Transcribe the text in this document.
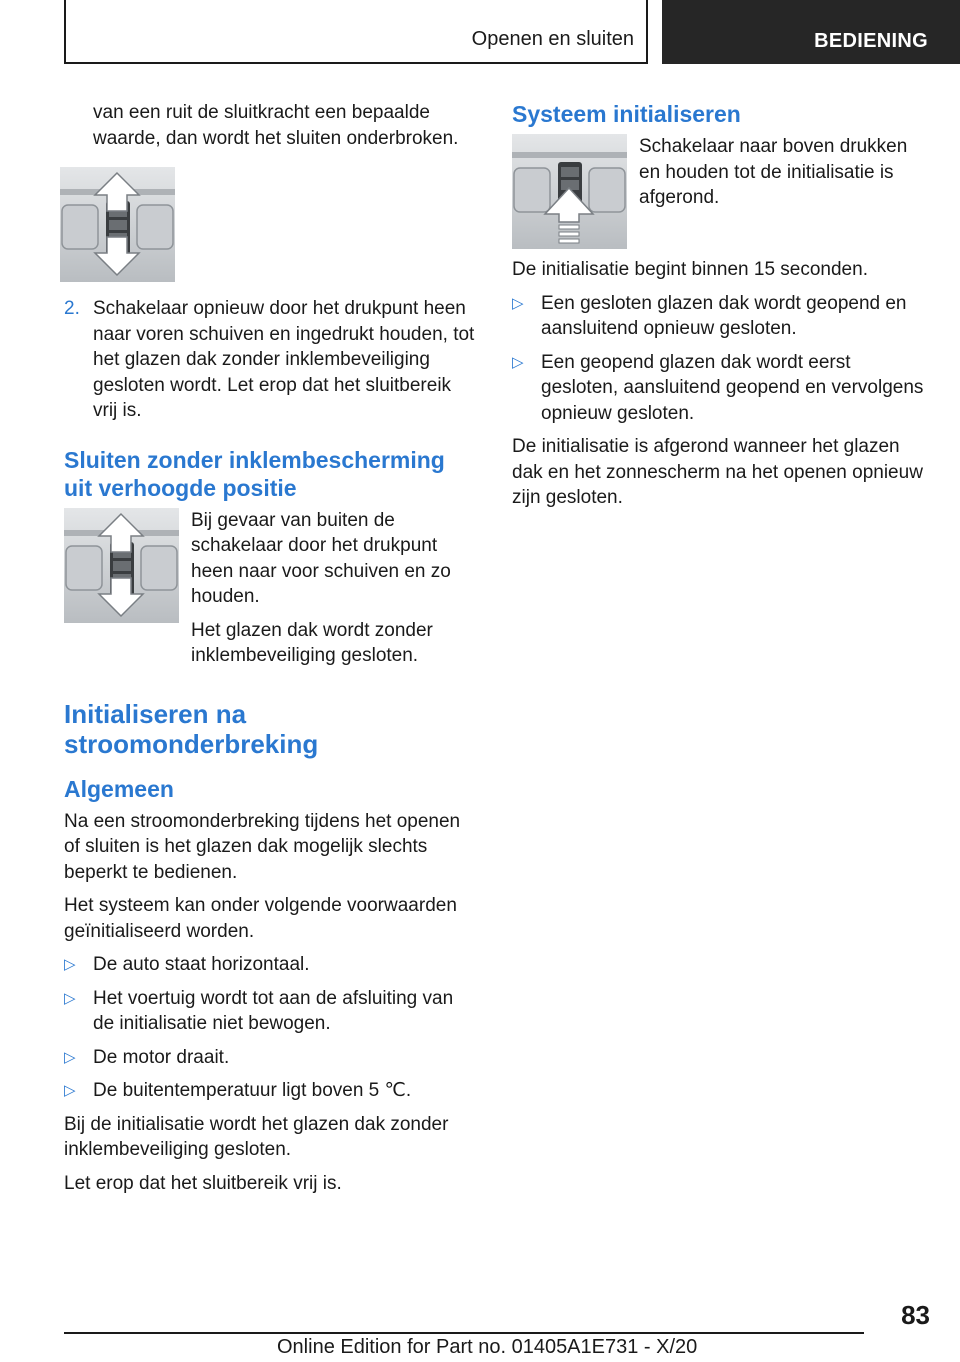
Openen en sluiten	BEDIENING

van een ruit de sluitkracht een bepaalde waarde, dan wordt het sluiten onderbroken.

2. Schakelaar opnieuw door het drukpunt heen naar voren schuiven en ingedrukt houden, tot het glazen dak zonder inklembeveiliging gesloten wordt. Let erop dat het sluitbereik vrij is.

Sluiten zonder inklembescherming uit verhoogde positie

Bij gevaar van buiten de schakelaar door het drukpunt heen naar voor schuiven en zo houden.

Het glazen dak wordt zonder inklembeveiliging gesloten.

Initialiseren na stroomonderbreking
Algemeen

Na een stroomonderbreking tijdens het openen of sluiten is het glazen dak mogelijk slechts beperkt te bedienen.

Het systeem kan onder volgende voorwaarden geïnitialiseerd worden.

▷ De auto staat horizontaal.

▷ Het voertuig wordt tot aan de afsluiting van de initialisatie niet bewogen.

▷ De motor draait.

▷ De buitentemperatuur ligt boven 5 ℃.

Bij de initialisatie wordt het glazen dak zonder inklembeveiliging gesloten.

Let erop dat het sluitbereik vrij is.

Systeem initialiseren

Schakelaar naar boven drukken en houden tot de initialisatie is afgerond.

De initialisatie begint binnen 15 seconden.

▷ Een gesloten glazen dak wordt geopend en aansluitend opnieuw gesloten.

▷ Een geopend glazen dak wordt eerst gesloten, aansluitend geopend en vervolgens opnieuw gesloten.

De initialisatie is afgerond wanneer het glazen dak en het zonnescherm na het openen opnieuw zijn gesloten.

83
Online Edition for Part no. 01405A1E731 - X/20
